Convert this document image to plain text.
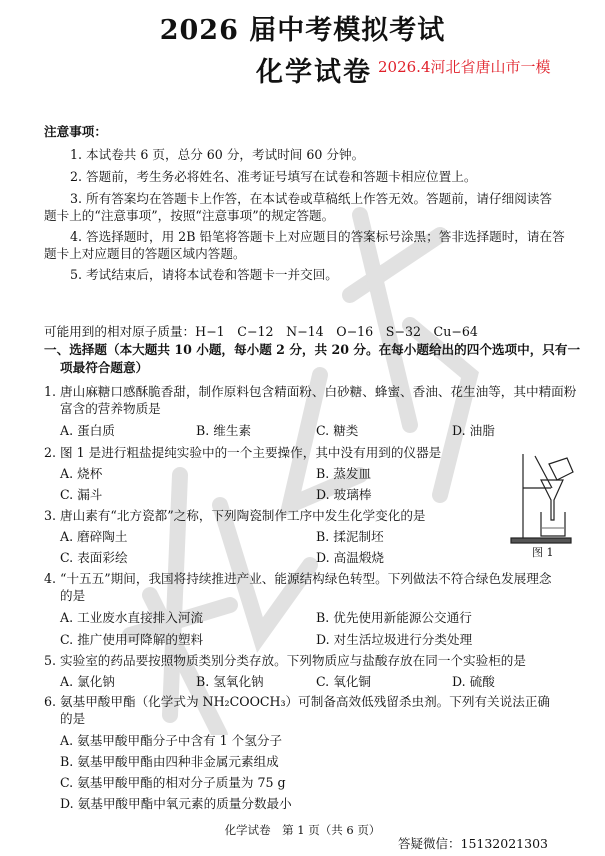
2026 届中考模拟考试
化学试卷 2026.4河北省唐山市一模
注意事项：
1. 本试卷共 6 页，总分 60 分，考试时间 60 分钟。
2. 答题前，考生务必将姓名、准考证号填写在试卷和答题卡相应位置上。
3. 所有答案均在答题卡上作答，在本试卷或草稿纸上作答无效。答题前，请仔细阅读答
题卡上的“注意事项”，按照“注意事项”的规定答题。
4. 答选择题时，用 2B 铅笔将答题卡上对应题目的答案标号涂黑；答非选择题时，请在答
题卡上对应题目的答题区域内答题。
5. 考试结束后，请将本试卷和答题卡一并交回。
可能用到的相对原子质量：H−1　C−12　N−14　O−16　S−32　Cu−64
一、选择题（本大题共 10 小题，每小题 2 分，共 20 分。在每小题给出的四个选项中，只有一
项最符合题意）
1. 唐山麻糖口感酥脆香甜，制作原料包含精面粉、白砂糖、蜂蜜、香油、花生油等，其中精面粉
富含的营养物质是
A. 蛋白质	B. 维生素	C. 糖类	D. 油脂
2. 图 1 是进行粗盐提纯实验中的一个主要操作，其中没有用到的仪器是
A. 烧杯	B. 蒸发皿
C. 漏斗	D. 玻璃棒
3. 唐山素有“北方瓷都”之称，下列陶瓷制作工序中发生化学变化的是
A. 磨碎陶土	B. 揉泥制坯
C. 表面彩绘	D. 高温煅烧	图 1
4. “十五五”期间，我国将持续推进产业、能源结构绿色转型。下列做法不符合绿色发展理念
的是
A. 工业废水直接排入河流	B. 优先使用新能源公交通行
C. 推广使用可降解的塑料	D. 对生活垃圾进行分类处理
5. 实验室的药品要按照物质类别分类存放。下列物质应与盐酸存放在同一个实验柜的是
A. 氯化钠	B. 氢氧化钠	C. 氧化铜	D. 硫酸
6. 氨基甲酸甲酯（化学式为 NH₂COOCH₃）可制备高效低残留杀虫剂。下列有关说法正确
的是
A. 氨基甲酸甲酯分子中含有 1 个氢分子
B. 氨基甲酸甲酯由四种非金属元素组成
C. 氨基甲酸甲酯的相对分子质量为 75 g
D. 氨基甲酸甲酯中氧元素的质量分数最小
化学试卷　第 1 页（共 6 页）
答疑微信：15132021303
